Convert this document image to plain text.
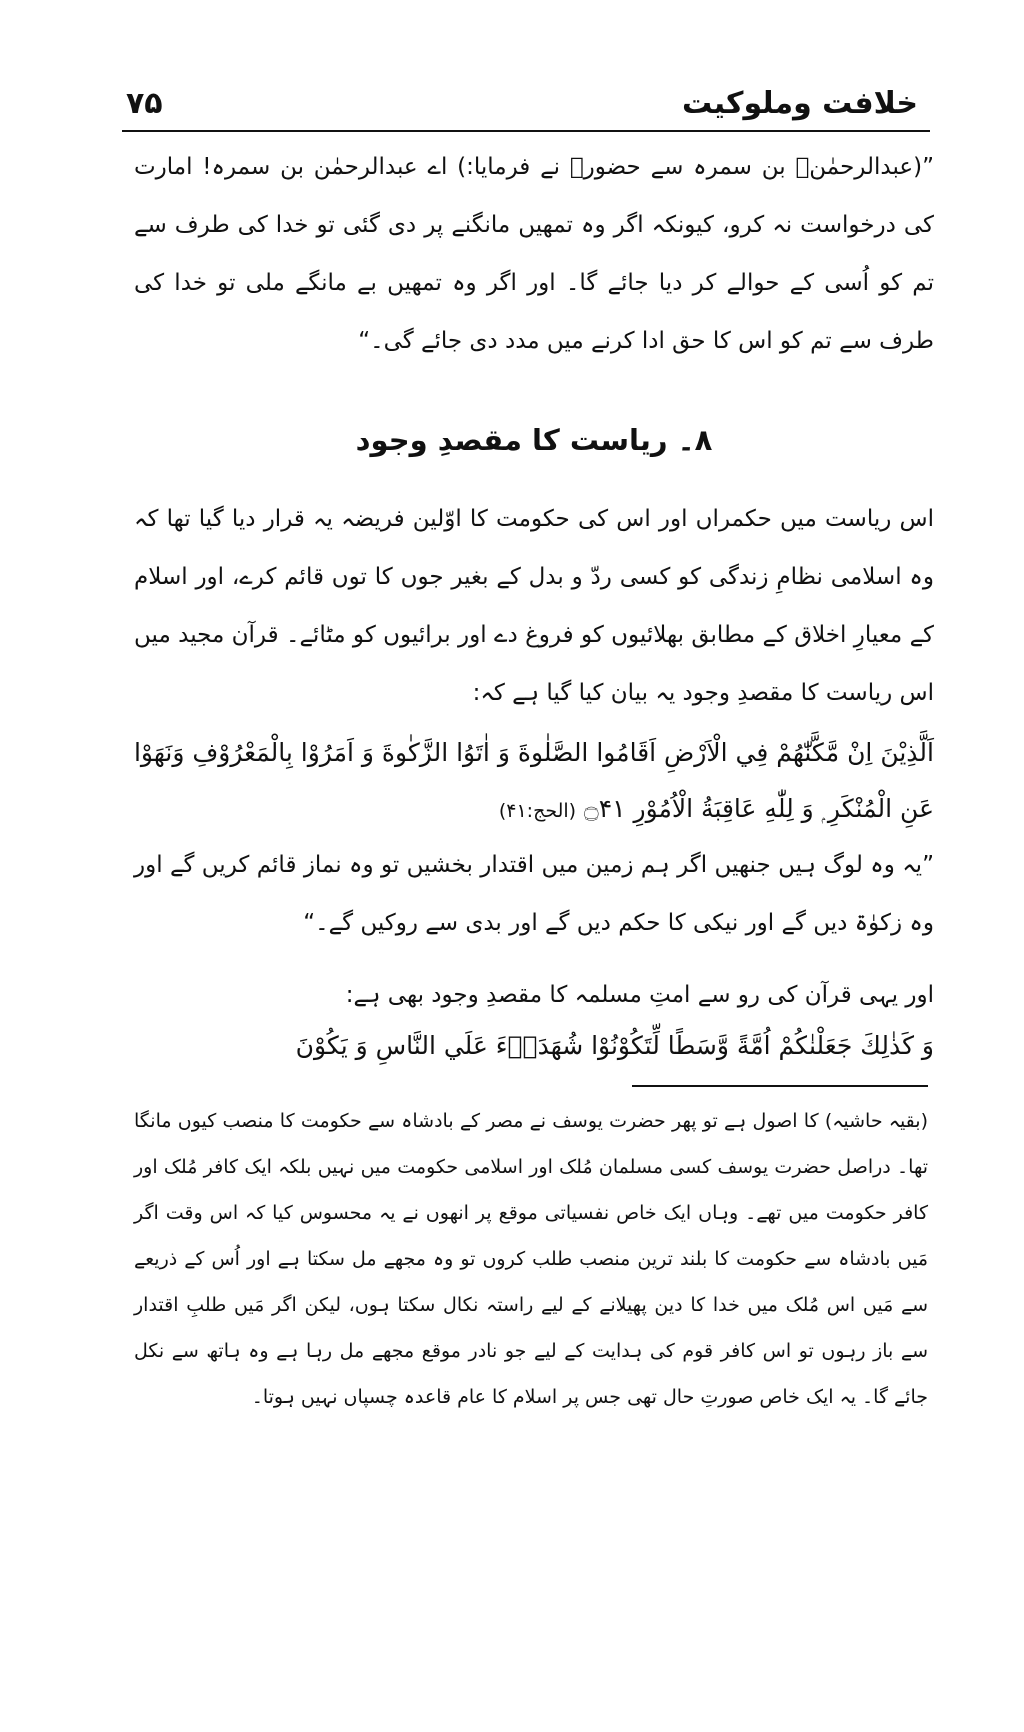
خلافت وملوکیت
۷۵

”(عبدالرحمٰنؓ بن سمرہ سے حضورؐ نے فرمایا:) اے عبدالرحمٰن بن سمرہ! امارت کی درخواست نہ کرو، کیونکہ اگر وہ تمھیں مانگنے پر دی گئی تو خدا کی طرف سے تم کو اُسی کے حوالے کر دیا جائے گا۔ اور اگر وہ تمھیں بے مانگے ملی تو خدا کی طرف سے تم کو اس کا حق ادا کرنے میں مدد دی جائے گی۔“

۸۔ ریاست کا مقصدِ وجود

اس ریاست میں حکمراں اور اس کی حکومت کا اوّلین فریضہ یہ قرار دیا گیا تھا کہ وہ اسلامی نظامِ زندگی کو کسی ردّ و بدل کے بغیر جوں کا توں قائم کرے، اور اسلام کے معیارِ اخلاق کے مطابق بھلائیوں کو فروغ دے اور برائیوں کو مٹائے۔ قرآن مجید میں اس ریاست کا مقصدِ وجود یہ بیان کیا گیا ہے کہ:

اَلَّذِيْنَ اِنْ مَّكَّنّٰهُمْ فِي الْاَرْضِ اَقَامُوا الصَّلٰوةَ وَ اٰتَوُا الزَّكٰوةَ وَ اَمَرُوْا بِالْمَعْرُوْفِ وَنَهَوْا عَنِ الْمُنْكَرِ ۭ وَ لِلّٰهِ عَاقِبَةُ الْاُمُوْرِ ۝۴۱ (الحج:۴۱)

”یہ وہ لوگ ہیں جنھیں اگر ہم زمین میں اقتدار بخشیں تو وہ نماز قائم کریں گے اور وہ زکوٰۃ دیں گے اور نیکی کا حکم دیں گے اور بدی سے روکیں گے۔“

اور یہی قرآن کی رو سے امتِ مسلمہ کا مقصدِ وجود بھی ہے:

وَ كَذٰلِكَ جَعَلْنٰكُمْ اُمَّةً وَّسَطًا لِّتَكُوْنُوْا شُهَدَاۗءَ عَلَي النَّاسِ وَ يَكُوْنَ

(بقیہ حاشیہ) کا اصول ہے تو پھر حضرت یوسف نے مصر کے بادشاہ سے حکومت کا منصب کیوں مانگا تھا۔ دراصل حضرت یوسف کسی مسلمان مُلک اور اسلامی حکومت میں نہیں بلکہ ایک کافر مُلک اور کافر حکومت میں تھے۔ وہاں ایک خاص نفسیاتی موقع پر انھوں نے یہ محسوس کیا کہ اس وقت اگر مَیں بادشاہ سے حکومت کا بلند ترین منصب طلب کروں تو وہ مجھے مل سکتا ہے اور اُس کے ذریعے سے مَیں اس مُلک میں خدا کا دین پھیلانے کے لیے راستہ نکال سکتا ہوں، لیکن اگر مَیں طلبِ اقتدار سے باز رہوں تو اس کافر قوم کی ہدایت کے لیے جو نادر موقع مجھے مل رہا ہے وہ ہاتھ سے نکل جائے گا۔ یہ ایک خاص صورتِ حال تھی جس پر اسلام کا عام قاعدہ چسپاں نہیں ہوتا۔
